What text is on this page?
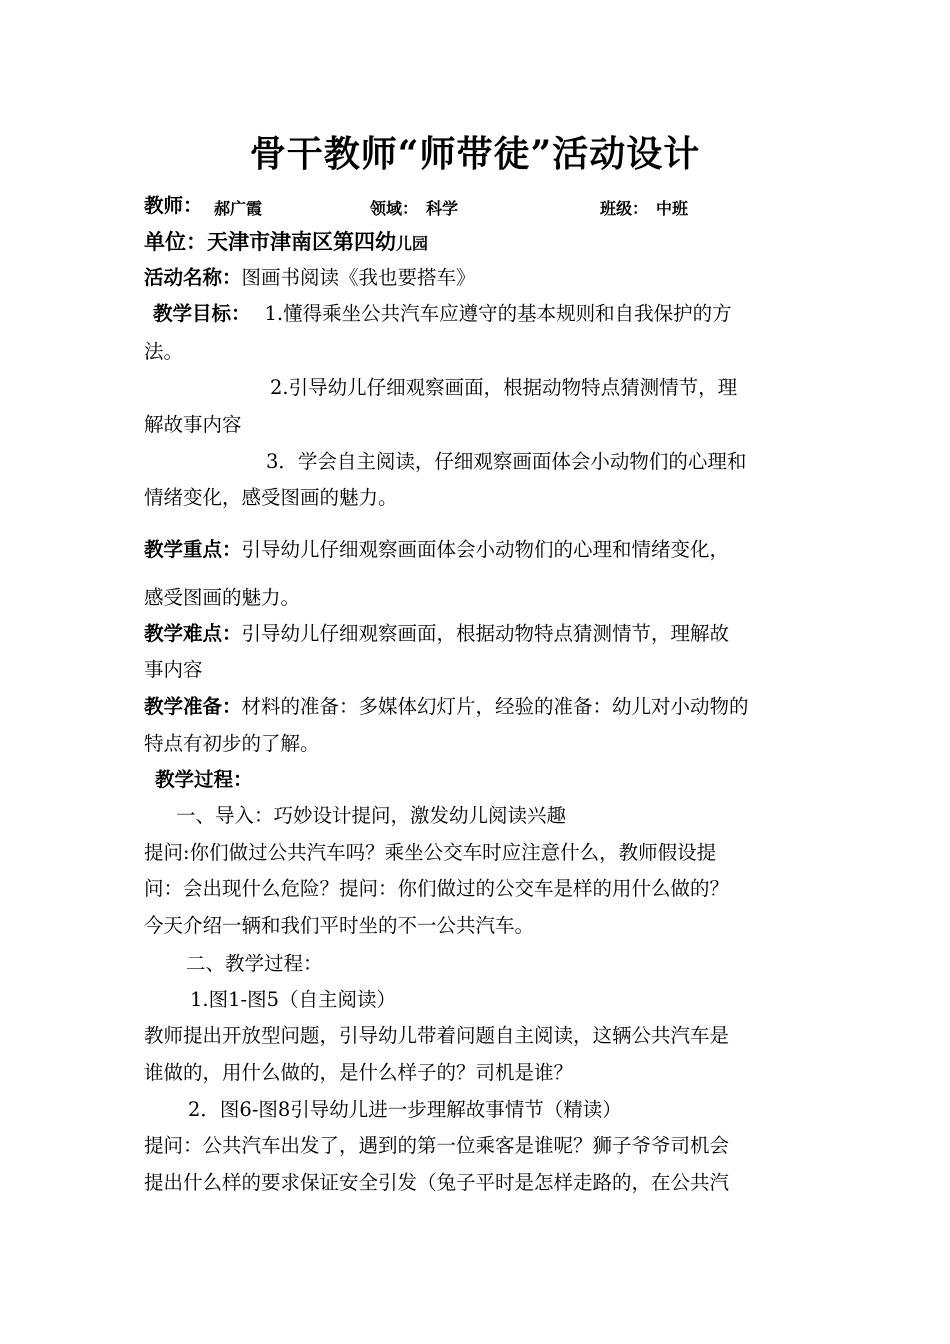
骨干教师“师带徒”活动设计
教师： 郝广霞	领域： 科学	班级： 中班
单位：天津市津南区第四幼儿园
活动名称：图画书阅读《我也要搭车》
教学目标： 1.懂得乘坐公共汽车应遵守的基本规则和自我保护的方
法。
2.引导幼儿仔细观察画面，根据动物特点猜测情节，理
解故事内容
3．学会自主阅读，仔细观察画面体会小动物们的心理和
情绪变化，感受图画的魅力。
教学重点：引导幼儿仔细观察画面体会小动物们的心理和情绪变化，
感受图画的魅力。
教学难点：引导幼儿仔细观察画面，根据动物特点猜测情节，理解故
事内容
教学准备：材料的准备：多媒体幻灯片，经验的准备：幼儿对小动物的
特点有初步的了解。
教学过程：
一、导入：巧妙设计提问，激发幼儿阅读兴趣
提问:你们做过公共汽车吗？乘坐公交车时应注意什么，教师假设提
问：会出现什么危险？提问：你们做过的公交车是样的用什么做的？
今天介绍一辆和我们平时坐的不一公共汽车。
二、教学过程：
1.图1-图5（自主阅读）
教师提出开放型问题，引导幼儿带着问题自主阅读，这辆公共汽车是
谁做的，用什么做的，是什么样子的？司机是谁？
2．图6-图8引导幼儿进一步理解故事情节（精读）
提问：公共汽车出发了，遇到的第一位乘客是谁呢？狮子爷爷司机会
提出什么样的要求保证安全引发（兔子平时是怎样走路的，在公共汽
